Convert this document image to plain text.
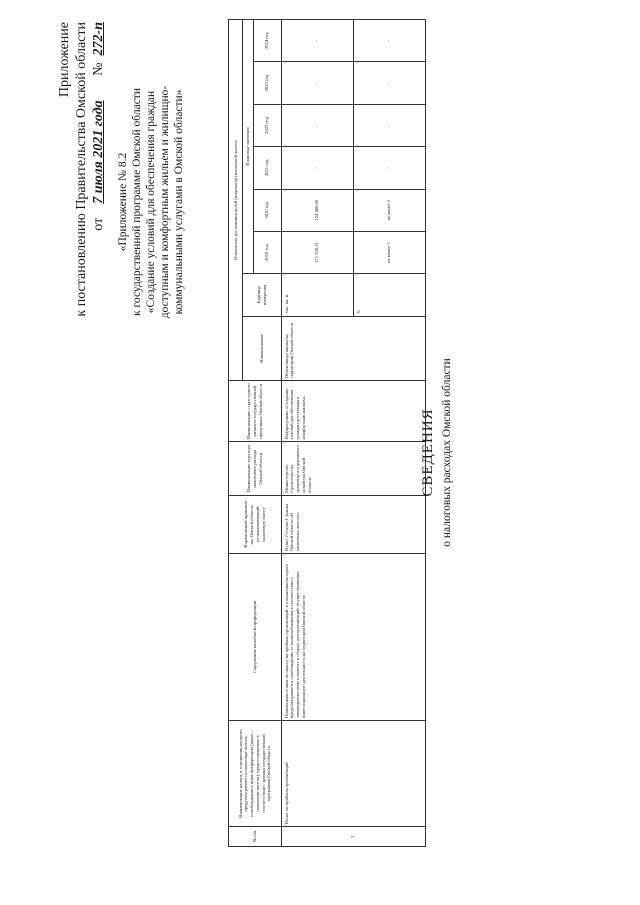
Приложение к постановлению Правительства Омской области от    7 июля 2021 года       №  272-п
«Приложение № 8.2 к государственной программе Омской области «Создание условий для обеспечения граждан доступным и комфортным жильем и жилищно- коммунальными услугами в Омской области»
№ п/п	Наименование налога, в отношении которого предусматриваются налоговые льготы, освобождения и иные преференции (далее – налоговые льготы), предоставляемые в соответствии с целями государственной программы Омской области	Содержание налоговой преференции	Нормативный правовой акт Омской области, устанавливающий налоговую льготу	Наименование куратора налогового расхода Омской области	Наименование структурного элемента государственной программы Омской области	Показатель достижения целей (индикатор) налоговой льготы							
						Наименование	Единица измерения	Плановые значения					
								2019 год	2020 год	2021 год	2022 год	2023 год	2024 год
1	Налог на прибыль организаций	Пониженная ставка по налогу на прибыль организаций, в отношении которого предусматривается освобождение от налогообложения в соответствии с законодательством о налогах и сборах, для организаций, осуществляющих инвестиционную деятельность на территории Омской области	Пункт 2 статьи 1 Закона Омской области «О налоговых льготах»	Министерство строительства, транспорта и дорожного хозяйства Омской области	Подпрограмма «Создание условий для обеспечения граждан доступным и комфортным жильем»	Объем ввода жилья на территории Омской области	тыс. кв. м	171 228,31	124 488,60	-	-	-	-
							%	не менее 5	не менее 5	-	-	-	-
СВЕДЕНИЯ о налоговых расходах Омской области
